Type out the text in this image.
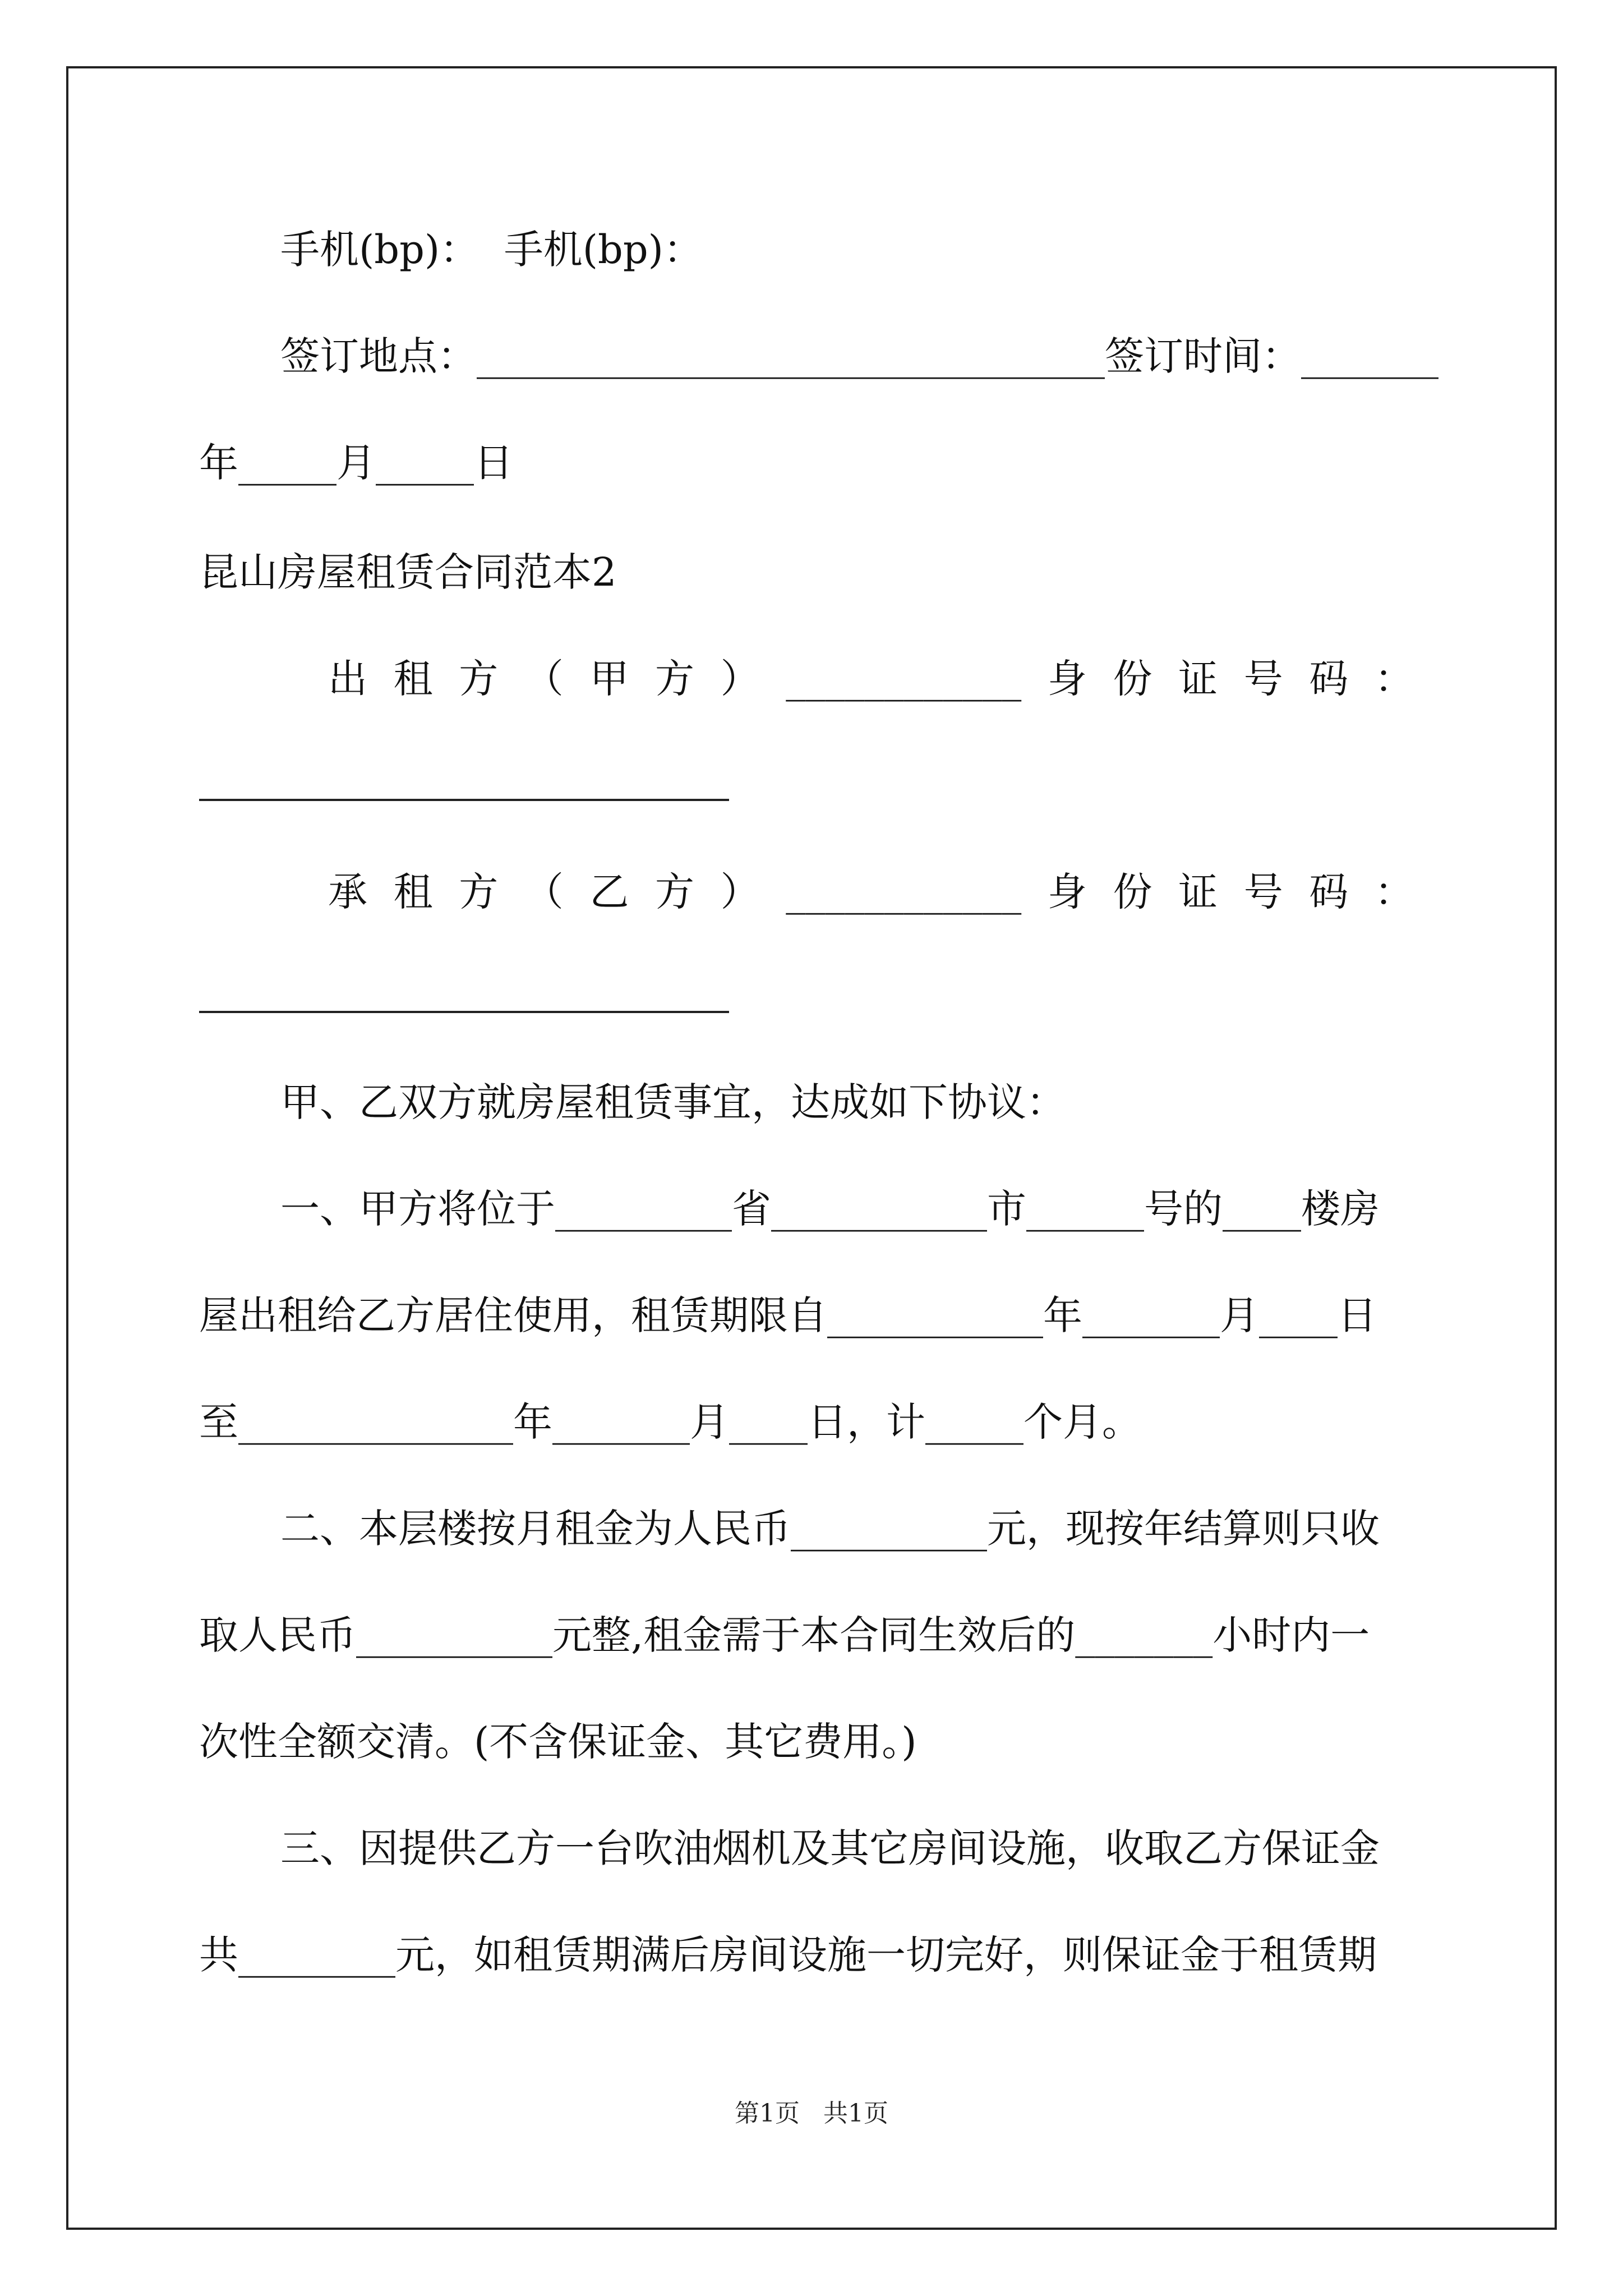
手机(bp)：  手机(bp)：
签订地点：________________________________签订时间：_______
年_____月_____日
昆山房屋租赁合同范本2
出 租 方 （ 甲 方 ） ____________ 身 份 证 号 码 ：
承 租 方 （ 乙 方 ） ____________ 身 份 证 号 码 ：
甲、乙双方就房屋租赁事宜，达成如下协议：
一、甲方将位于_________省___________市______号的____楼房
屋出租给乙方居住使用，租赁期限自___________年_______月____日
至______________年_______月____日，计_____个月。
二、本层楼按月租金为人民币__________元，现按年结算则只收
取人民币__________元整,租金需于本合同生效后的_______小时内一
次性全额交清。(不含保证金、其它费用。)
三、因提供乙方一台吹油烟机及其它房间设施，收取乙方保证金
共________元，如租赁期满后房间设施一切完好，则保证金于租赁期
第1页   共1页
